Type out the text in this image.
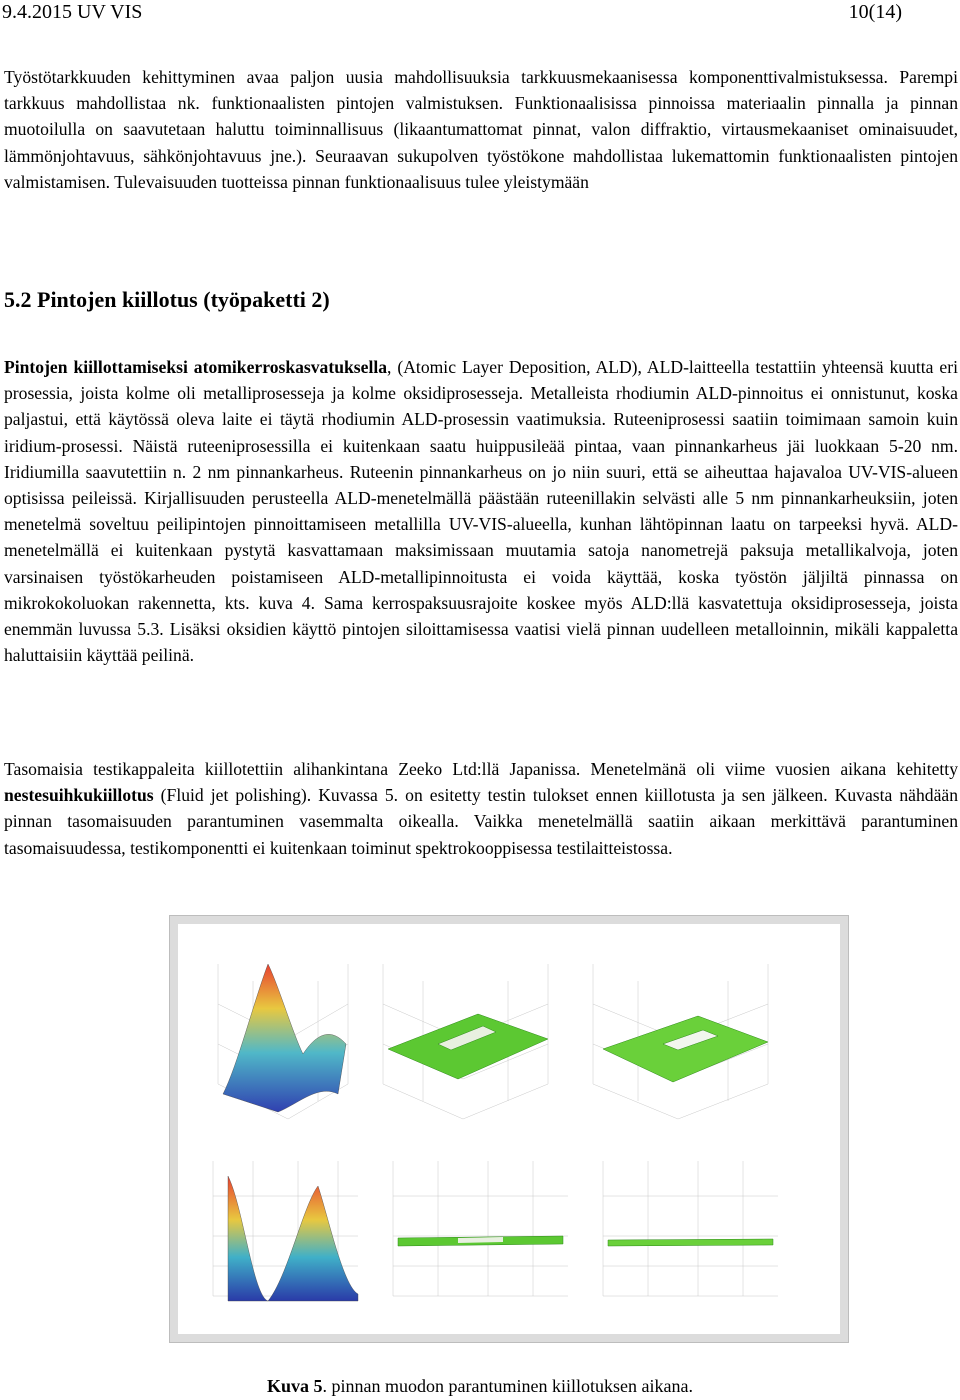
9.4.2015 UV VIS	10(14)

Työstötarkkuuden kehittyminen avaa paljon uusia mahdollisuuksia tarkkuusmekaanisessa komponenttivalmistuksessa. Parempi tarkkuus mahdollistaa nk. funktionaalisten pintojen valmistuksen. Funktionaalisissa pinnoissa materiaalin pinnalla ja pinnan muotoilulla on saavutetaan haluttu toiminnallisuus (likaantumattomat pinnat, valon diffraktio, virtausmekaaniset ominaisuudet, lämmönjohtavuus, sähkönjohtavuus jne.). Seuraavan sukupolven työstökone mahdollistaa lukemattomin funktionaalisten pintojen valmistamisen. Tulevaisuuden tuotteissa pinnan funktionaalisuus tulee yleistymään

5.2 Pintojen kiillotus (työpaketti 2)

Pintojen kiillottamiseksi atomikerroskasvatuksella, (Atomic Layer Deposition, ALD), ALD-laitteella testattiin yhteensä kuutta eri prosessia, joista kolme oli metalliprosesseja ja kolme oksidiprosesseja. Metalleista rhodiumin ALD-pinnoitus ei onnistunut, koska paljastui, että käytössä oleva laite ei täytä rhodiumin ALD-prosessin vaatimuksia. Ruteeniprosessi saatiin toimimaan samoin kuin iridium-prosessi. Näistä ruteeniprosessilla ei kuitenkaan saatu huippusileää pintaa, vaan pinnankarheus jäi luokkaan 5-20 nm. Iridiumilla saavutettiin n. 2 nm pinnankarheus. Ruteenin pinnankarheus on jo niin suuri, että se aiheuttaa hajavaloa UV-VIS-alueen optisissa peileissä. Kirjallisuuden perusteella ALD-menetelmällä päästään ruteenillakin selvästi alle 5 nm pinnankarheuksiin, joten menetelmä soveltuu peilipintojen pinnoittamiseen metallilla UV-VIS-alueella, kunhan lähtöpinnan laatu on tarpeeksi hyvä. ALD-menetelmällä ei kuitenkaan pystytä kasvattamaan maksimissaan muutamia satoja nanometrejä paksuja metallikalvoja, joten varsinaisen työstökarheuden poistamiseen ALD-metallipinnoitusta ei voida käyttää, koska työstön jäljiltä pinnassa on mikrokokoluokan rakennetta, kts. kuva 4. Sama kerrospaksuusrajoite koskee myös ALD:llä kasvatettuja oksidiprosesseja, joista enemmän luvussa 5.3. Lisäksi oksidien käyttö pintojen siloittamisessa vaatisi vielä pinnan uudelleen metalloinnin, mikäli kappaletta haluttaisiin käyttää peilinä.

Tasomaisia testikappaleita kiillotettiin alihankintana Zeeko Ltd:llä Japanissa. Menetelmänä oli viime vuosien aikana kehitetty nestesuihkukiillotus (Fluid jet polishing). Kuvassa 5. on esitetty testin tulokset ennen kiillotusta ja sen jälkeen. Kuvasta nähdään pinnan tasomaisuuden parantuminen vasemmalta oikealla. Vaikka menetelmällä saatiin aikaan merkittävä parantuminen tasomaisuudessa, testikomponentti ei kuitenkaan toiminut spektrokooppisessa testilaitteistossa.

Kuva 5. pinnan muodon parantuminen kiillotuksen aikana.
